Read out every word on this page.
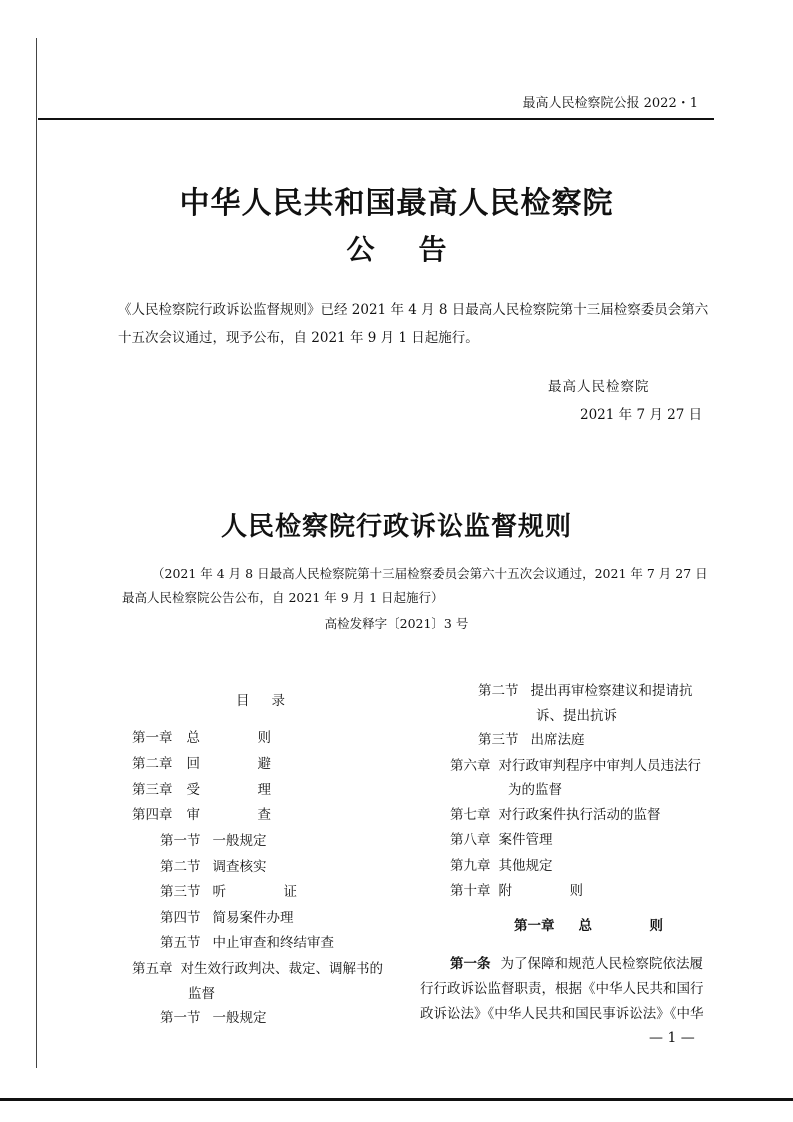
最高人民检察院公报 2022・1
中华人民共和国最高人民检察院
公告
《人民检察院行政诉讼监督规则》已经 2021 年 4 月 8 日最高人民检察院第十三届检察委员会第六十五次会议通过，现予公布，自 2021 年 9 月 1 日起施行。
最高人民检察院
2021 年 7 月 27 日
人民检察院行政诉讼监督规则
（2021 年 4 月 8 日最高人民检察院第十三届检察委员会第六十五次会议通过，2021 年 7 月 27 日最高人民检察院公告公布，自 2021 年 9 月 1 日起施行）
高检发释字〔2021〕3 号
目录
第一章 总　则
第二章 回　避
第三章 受　理
第四章 审　查
第一节 一般规定
第二节 调查核实
第三节 听　证
第四节 简易案件办理
第五节 中止审查和终结审查
第五章 对生效行政判决、裁定、调解书的
监督
第一节 一般规定
第二节 提出再审检察建议和提请抗
诉、提出抗诉
第三节 出席法庭
第六章 对行政审判程序中审判人员违法行
为的监督
第七章 对行政案件执行活动的监督
第八章 案件管理
第九章 其他规定
第十章 附　则
第一章 总　则
第一条 为了保障和规范人民检察院依法履
行行政诉讼监督职责，根据《中华人民共和国行
政诉讼法》《中华人民共和国民事诉讼法》《中华
— 1 —
